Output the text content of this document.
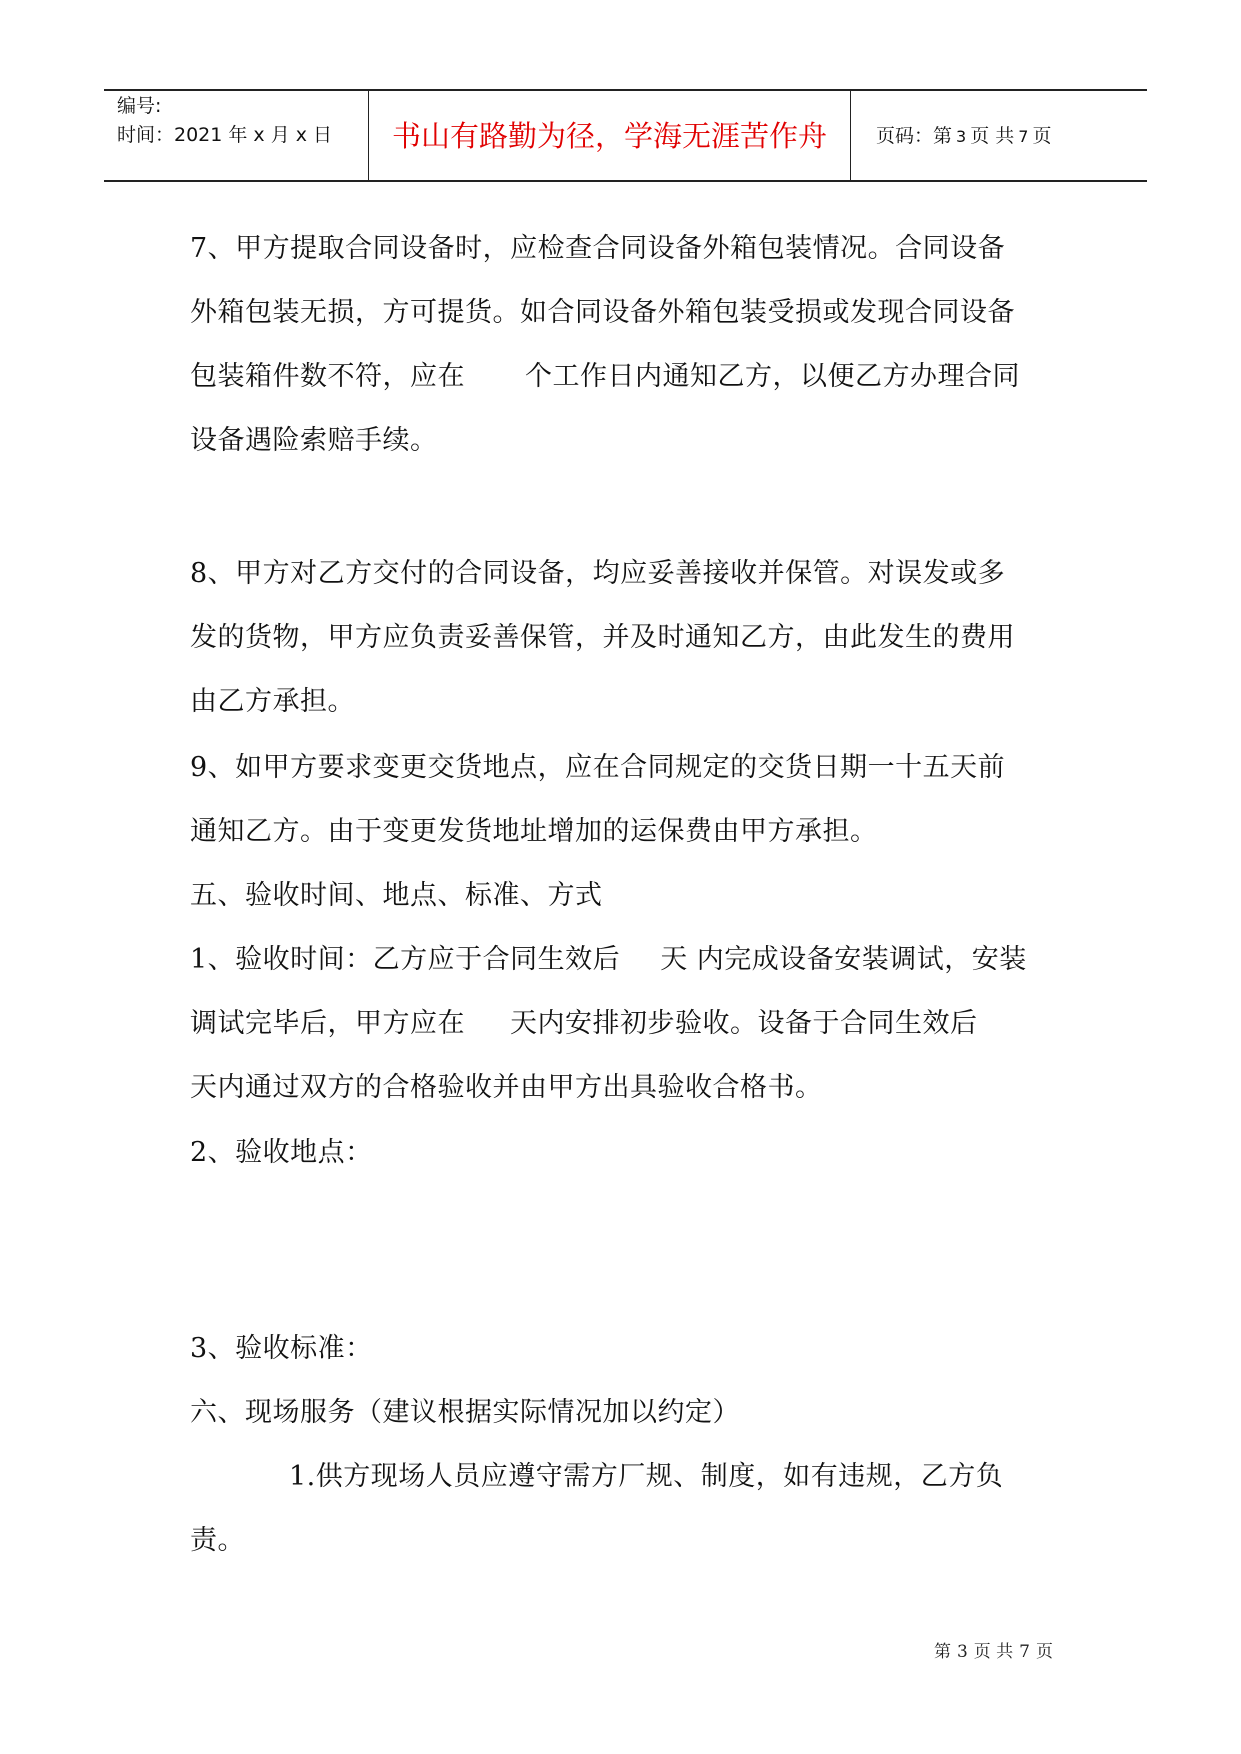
编号:
时间：2021 年 x 月 x 日	书山有路勤为径，学海无涯苦作舟	页码：第 3 页 共 7 页

7、甲方提取合同设备时，应检查合同设备外箱包装情况。合同设备

外箱包装无损，方可提货。如合同设备外箱包装受损或发现合同设备

包装箱件数不符，应在 个工作日内通知乙方，以便乙方办理合同

设备遇险索赔手续。

8、甲方对乙方交付的合同设备，均应妥善接收并保管。对误发或多

发的货物，甲方应负责妥善保管，并及时通知乙方，由此发生的费用

由乙方承担。

9、如甲方要求变更交货地点，应在合同规定的交货日期一十五天前

通知乙方。由于变更发货地址增加的运保费由甲方承担。

五、验收时间、地点、标准、方式

1、验收时间：乙方应于合同生效后 天 内完成设备安装调试，安装

调试完毕后，甲方应在 天内安排初步验收。设备于合同生效后

天内通过双方的合格验收并由甲方出具验收合格书。

2、验收地点：

3、验收标准：

六、现场服务（建议根据实际情况加以约定）

1.供方现场人员应遵守需方厂规、制度，如有违规，乙方负

责。

第 3 页 共 7 页
